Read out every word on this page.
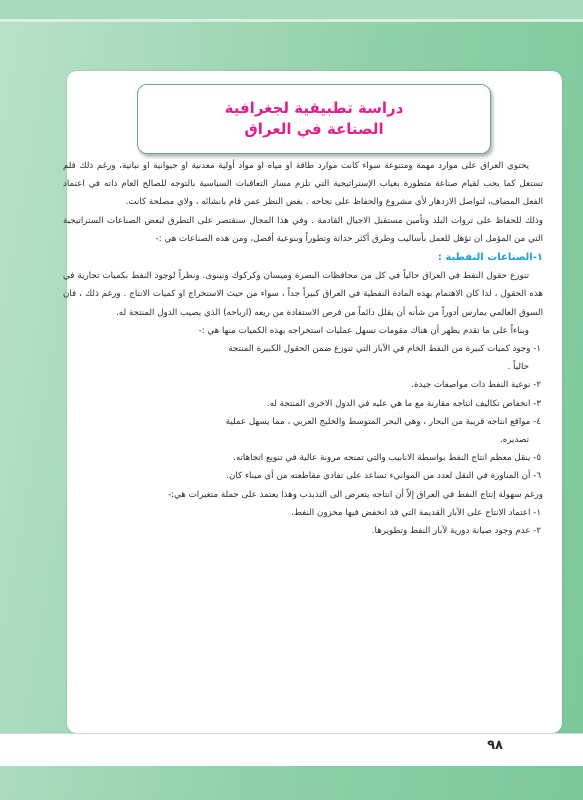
دراسة تطبيقية لجغرافية
الصناعة في العراق

يحتوي العراق على موارد مهمة ومتنوعة سواء كانت موارد طاقة او مياه او مواد أولية معدنية او حيوانية او نباتية، ورغم ذلك فلم تستغل كما يجب لقيام صناعة متطورة بغياب الإستراتيجية التي تلزم مسار التعاقبات السياسية بالتوجه للصالح العام ذاته في اعتماد الفعل المضاف، لتواصل الازدهار لأي مشروع والحفاظ على نجاحه . بغض النظر عمن قام بانشائه ، ولاي مصلحة كانت.

وذلك للحفاظ على ثروات البلد وتأمين مستقبل الاجيال القادمة . وفي هذا المجال سنقتصر على التطرق لبعض الصناعات الستراتيجية التي من المؤمل ان تؤهل للعمل بأساليب وطرق أكثر حداثة وتطوراً وبنوعية أفضل، ومن هذه الصناعات هي :-

١-الصناعات النفطية :

تتوزع حقول النفط في العراق حالياً في كل من محافظات البصرة وميسان وكركوك ونينوى. ونظراً لوجود النفط بكميات تجارية في هذه الحقول ، لذا كان الاهتمام بهذه المادة النفطية في العراق كبيراً جداً ، سواء من حيث الاستخراج او كميات الانتاج . ورغم ذلك ، فان السوق العالمي يمارس أدوراً من شأنه أن يقلل دائماً من فرص الاستفادة من ريعه (ارباحه) الذي يصيب الدول المنتجة له.

وبناءاً على ما تقدم يظهر أن هناك مقومات تسهل عمليات استخراجه بهذه الكميات منها هي :-

١- وجود كميات كبيرة من النفط الخام في الآبار التي تتوزع ضمن الحقول الكبيرة المنتجة

حالياً .

٢- نوعية النفط ذات مواصفات جيدة.

٣- انخفاض تكاليف انتاجه مقارنة مع ما هي عليه في الدول الاخرى المنتجة له.

٤- مواقع انتاجه قريبة من البحار ، وهي البحر المتوسط والخليج العربي ، مما يسهل عملية

تصديره.

٥- ينقل معظم انتاج النفط بواسطة الانابيب والتي تمنحه مرونة عالية في تنويع اتجاهاته.

٦- أن المناورة في النقل لعدد من الموانيء تساعد على تفادي مقاطعته من أي ميناء كان.

ورغم سهولة إنتاج النفط في العراق إلاّ أن انتاجه يتعرض الى التذبذب وهذا يعتمد على جملة متغيرات هي:-

١- اعتماد الانتاج على الآبار القديمة التي قد انخفض فيها مخزون النفط.

٢- عدم وجود صيانة دورية لآبار النفط وتطويرها.

٩٨
